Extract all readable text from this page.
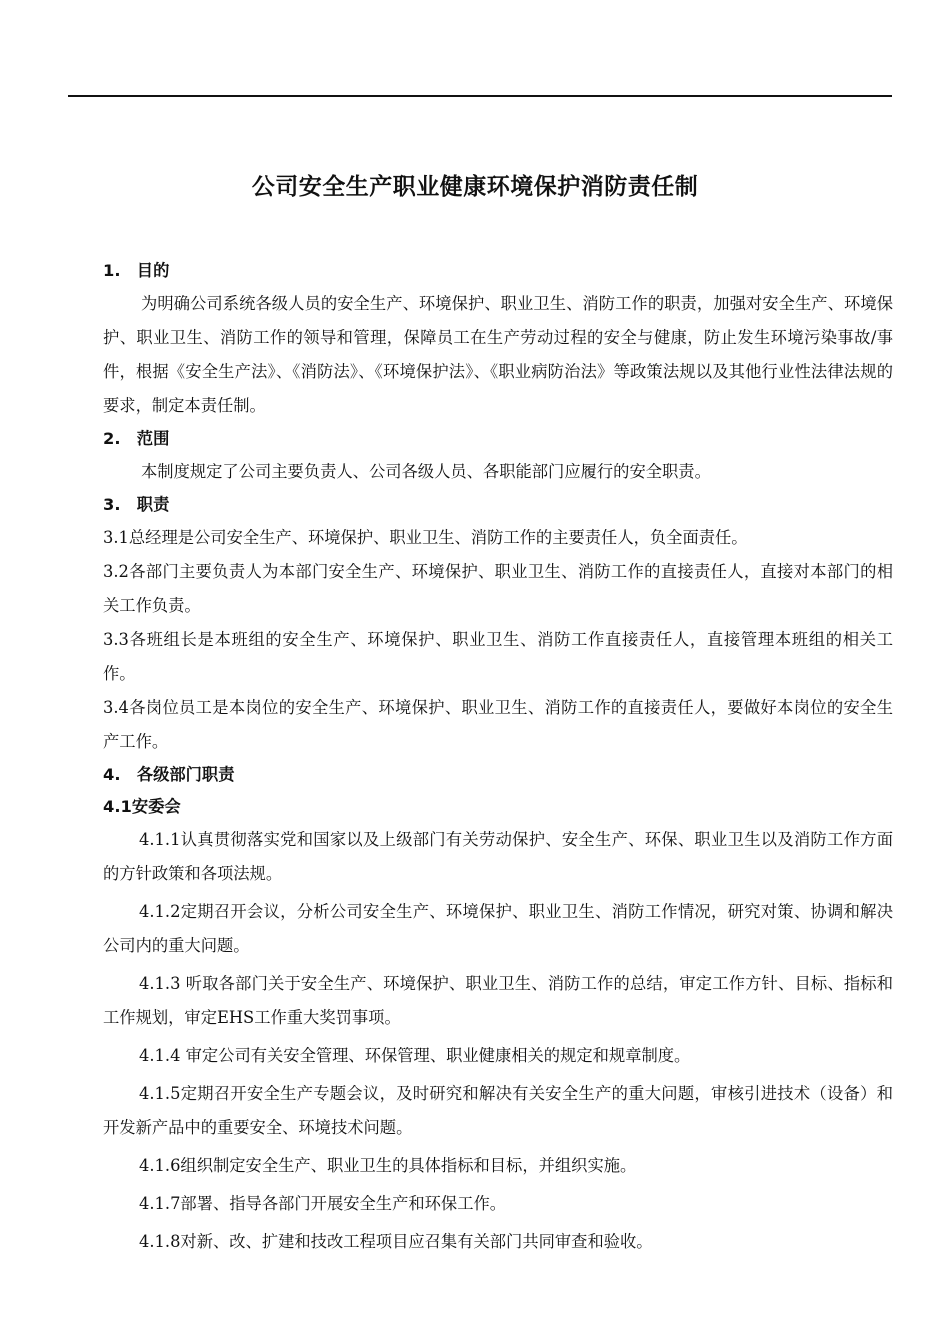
公司安全生产职业健康环境保护消防责任制

1.　目的

为明确公司系统各级人员的安全生产、环境保护、职业卫生、消防工作的职责，加强对安全生产、环境保护、职业卫生、消防工作的领导和管理，保障员工在生产劳动过程的安全与健康，防止发生环境污染事故/事件，根据《安全生产法》、《消防法》、《环境保护法》、《职业病防治法》等政策法规以及其他行业性法律法规的要求，制定本责任制。

2.　范围

本制度规定了公司主要负责人、公司各级人员、各职能部门应履行的安全职责。

3.　职责

3.1总经理是公司安全生产、环境保护、职业卫生、消防工作的主要责任人，负全面责任。

3.2各部门主要负责人为本部门安全生产、环境保护、职业卫生、消防工作的直接责任人，直接对本部门的相关工作负责。

3.3各班组长是本班组的安全生产、环境保护、职业卫生、消防工作直接责任人，直接管理本班组的相关工作。

3.4各岗位员工是本岗位的安全生产、环境保护、职业卫生、消防工作的直接责任人，要做好本岗位的安全生产工作。

4.　各级部门职责

4.1安委会

4.1.1认真贯彻落实党和国家以及上级部门有关劳动保护、安全生产、环保、职业卫生以及消防工作方面的方针政策和各项法规。

4.1.2定期召开会议，分析公司安全生产、环境保护、职业卫生、消防工作情况，研究对策、协调和解决公司内的重大问题。

4.1.3 听取各部门关于安全生产、环境保护、职业卫生、消防工作的总结，审定工作方针、目标、指标和工作规划，审定EHS工作重大奖罚事项。

4.1.4 审定公司有关安全管理、环保管理、职业健康相关的规定和规章制度。

4.1.5定期召开安全生产专题会议，及时研究和解决有关安全生产的重大问题，审核引进技术（设备）和开发新产品中的重要安全、环境技术问题。

4.1.6组织制定安全生产、职业卫生的具体指标和目标，并组织实施。

4.1.7部署、指导各部门开展安全生产和环保工作。

4.1.8对新、改、扩建和技改工程项目应召集有关部门共同审查和验收。
